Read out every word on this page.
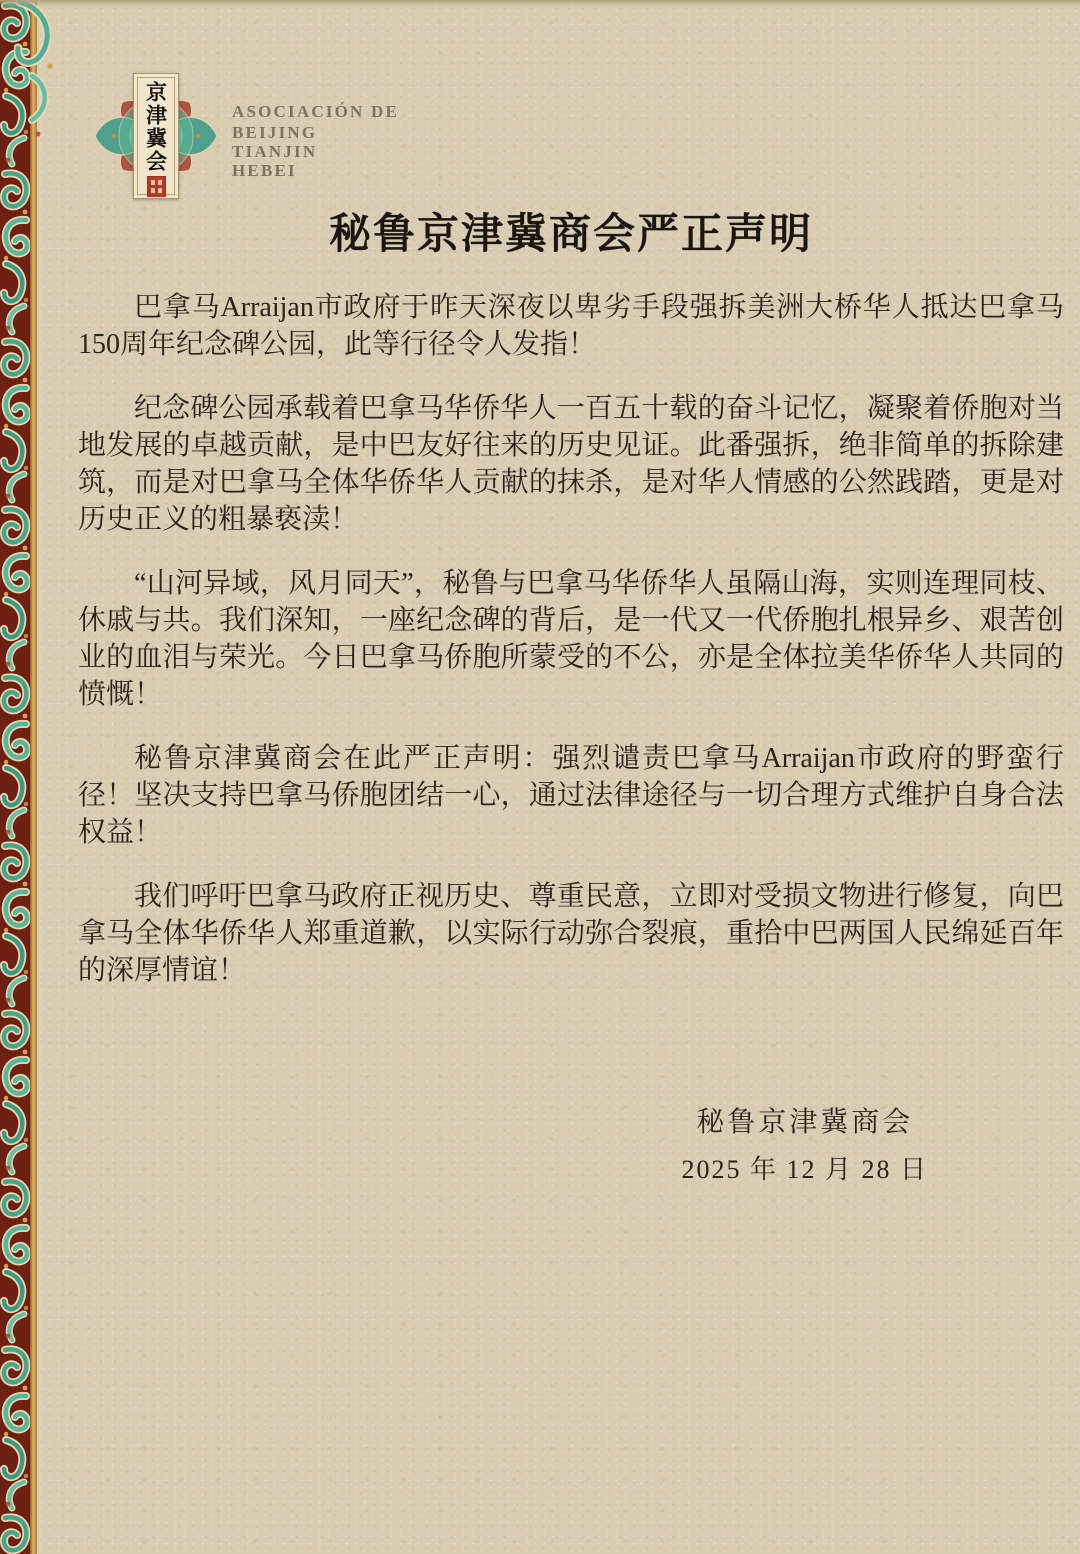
京津冀会	ASOCIACIÓN DE
BEIJING
TIANJIN
HEBEI
秘鲁京津冀商会严正声明

巴拿马Arraijan市政府于昨天深夜以卑劣手段强拆美洲大桥华人抵达巴拿马150周年纪念碑公园，此等行径令人发指！

纪念碑公园承载着巴拿马华侨华人一百五十载的奋斗记忆，凝聚着侨胞对当地发展的卓越贡献，是中巴友好往来的历史见证。此番强拆，绝非简单的拆除建筑，而是对巴拿马全体华侨华人贡献的抹杀，是对华人情感的公然践踏，更是对历史正义的粗暴亵渎！

“山河异域，风月同天”，秘鲁与巴拿马华侨华人虽隔山海，实则连理同枝、休戚与共。我们深知，一座纪念碑的背后，是一代又一代侨胞扎根异乡、艰苦创业的血泪与荣光。今日巴拿马侨胞所蒙受的不公，亦是全体拉美华侨华人共同的愤慨！

秘鲁京津冀商会在此严正声明：强烈谴责巴拿马Arraijan市政府的野蛮行径！坚决支持巴拿马侨胞团结一心，通过法律途径与一切合理方式维护自身合法权益！

我们呼吁巴拿马政府正视历史、尊重民意，立即对受损文物进行修复，向巴拿马全体华侨华人郑重道歉，以实际行动弥合裂痕，重拾中巴两国人民绵延百年的深厚情谊！

秘鲁京津冀商会
2025 年 12 月 28 日
